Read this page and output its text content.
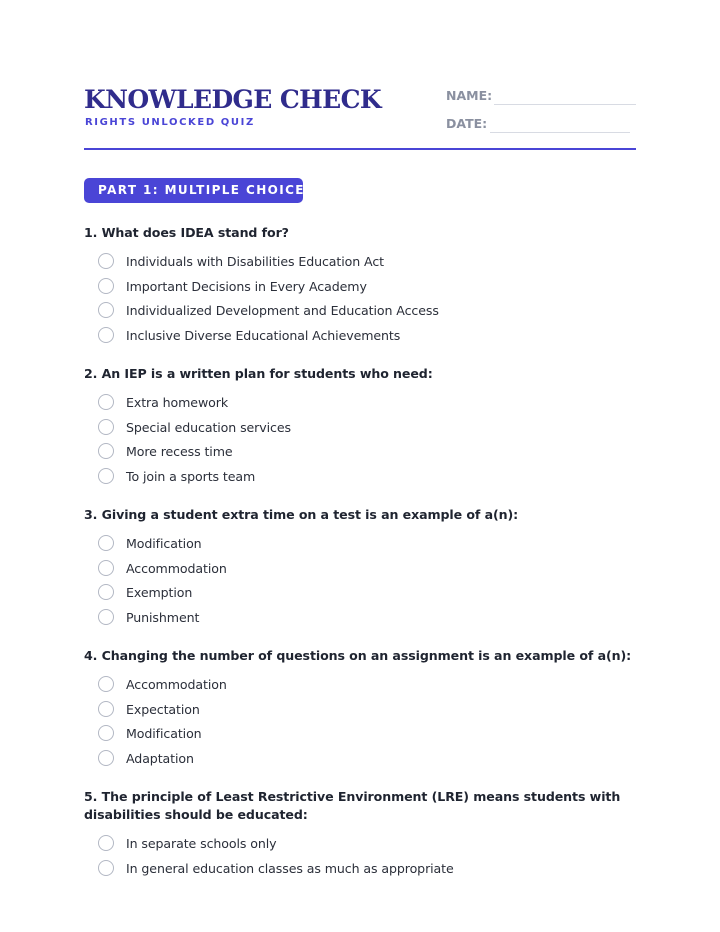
KNOWLEDGE CHECK
RIGHTS UNLOCKED QUIZ
NAME:
DATE:
PART 1: MULTIPLE CHOICE
1. What does IDEA stand for?
Individuals with Disabilities Education Act
Important Decisions in Every Academy
Individualized Development and Education Access
Inclusive Diverse Educational Achievements
2. An IEP is a written plan for students who need:
Extra homework
Special education services
More recess time
To join a sports team
3. Giving a student extra time on a test is an example of a(n):
Modification
Accommodation
Exemption
Punishment
4. Changing the number of questions on an assignment is an example of a(n):
Accommodation
Expectation
Modification
Adaptation
5. The principle of Least Restrictive Environment (LRE) means students with disabilities should be educated:
In separate schools only
In general education classes as much as appropriate
